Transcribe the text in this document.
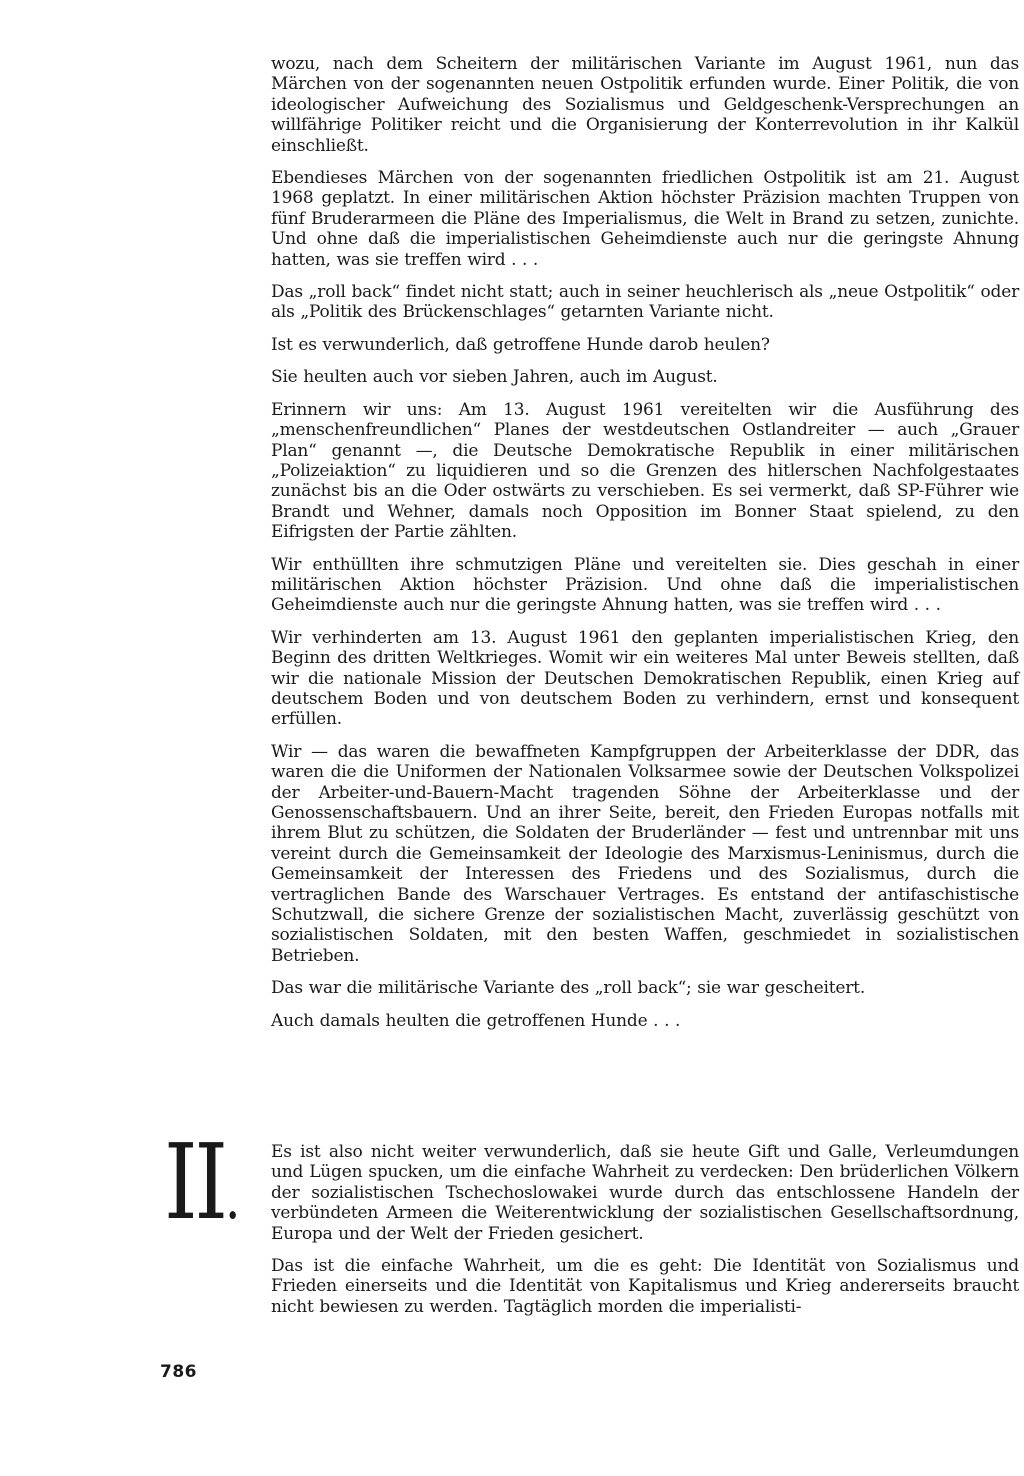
wozu, nach dem Scheitern der militärischen Variante im August 1961, nun das Märchen von der sogenannten neuen Ostpolitik erfunden wurde. Einer Politik, die von ideologischer Aufweichung des Sozialismus und Geldgeschenk-Versprechungen an willfährige Politiker reicht und die Organisierung der Konterrevolution in ihr Kalkül einschließt.

Ebendieses Märchen von der sogenannten friedlichen Ostpolitik ist am 21. August 1968 geplatzt. In einer militärischen Aktion höchster Präzision machten Truppen von fünf Bruderarmeen die Pläne des Imperialismus, die Welt in Brand zu setzen, zunichte. Und ohne daß die imperialistischen Geheimdienste auch nur die geringste Ahnung hatten, was sie treffen wird . . .

Das „roll back“ findet nicht statt; auch in seiner heuchlerisch als „neue Ostpolitik“ oder als „Politik des Brückenschlages“ getarnten Variante nicht.

Ist es verwunderlich, daß getroffene Hunde darob heulen?

Sie heulten auch vor sieben Jahren, auch im August.

Erinnern wir uns: Am 13. August 1961 vereitelten wir die Ausführung des „menschenfreundlichen“ Planes der westdeutschen Ostlandreiter — auch „Grauer Plan“ genannt —, die Deutsche Demokratische Republik in einer militärischen „Polizeiaktion“ zu liquidieren und so die Grenzen des hitlerschen Nachfolgestaates zunächst bis an die Oder ostwärts zu verschieben. Es sei vermerkt, daß SP-Führer wie Brandt und Wehner, damals noch Opposition im Bonner Staat spielend, zu den Eifrigsten der Partie zählten.

Wir enthüllten ihre schmutzigen Pläne und vereitelten sie. Dies geschah in einer militärischen Aktion höchster Präzision. Und ohne daß die imperialistischen Geheimdienste auch nur die geringste Ahnung hatten, was sie treffen wird . . .

Wir verhinderten am 13. August 1961 den geplanten imperialistischen Krieg, den Beginn des dritten Weltkrieges. Womit wir ein weiteres Mal unter Beweis stellten, daß wir die nationale Mission der Deutschen Demokratischen Republik, einen Krieg auf deutschem Boden und von deutschem Boden zu verhindern, ernst und konsequent erfüllen.

Wir — das waren die bewaffneten Kampfgruppen der Arbeiterklasse der DDR, das waren die die Uniformen der Nationalen Volksarmee sowie der Deutschen Volkspolizei der Arbeiter-und-Bauern-Macht tragenden Söhne der Arbeiterklasse und der Genossenschaftsbauern. Und an ihrer Seite, bereit, den Frieden Europas notfalls mit ihrem Blut zu schützen, die Soldaten der Bruderländer — fest und untrennbar mit uns vereint durch die Gemeinsamkeit der Ideologie des Marxismus-Leninismus, durch die Gemeinsamkeit der Interessen des Friedens und des Sozialismus, durch die vertraglichen Bande des Warschauer Vertrages. Es entstand der antifaschistische Schutzwall, die sichere Grenze der sozialistischen Macht, zuverlässig geschützt von sozialistischen Soldaten, mit den besten Waffen, geschmiedet in sozialistischen Betrieben.

Das war die militärische Variante des „roll back“; sie war gescheitert.

Auch damals heulten die getroffenen Hunde . . .

II.

Es ist also nicht weiter verwunderlich, daß sie heute Gift und Galle, Verleumdungen und Lügen spucken, um die einfache Wahrheit zu verdecken: Den brüderlichen Völkern der sozialistischen Tschechoslowakei wurde durch das entschlossene Handeln der verbündeten Armeen die Weiterentwicklung der sozialistischen Gesellschaftsordnung, Europa und der Welt der Frieden gesichert.

Das ist die einfache Wahrheit, um die es geht: Die Identität von Sozialismus und Frieden einerseits und die Identität von Kapitalismus und Krieg andererseits braucht nicht bewiesen zu werden. Tagtäglich morden die imperialisti-

786
